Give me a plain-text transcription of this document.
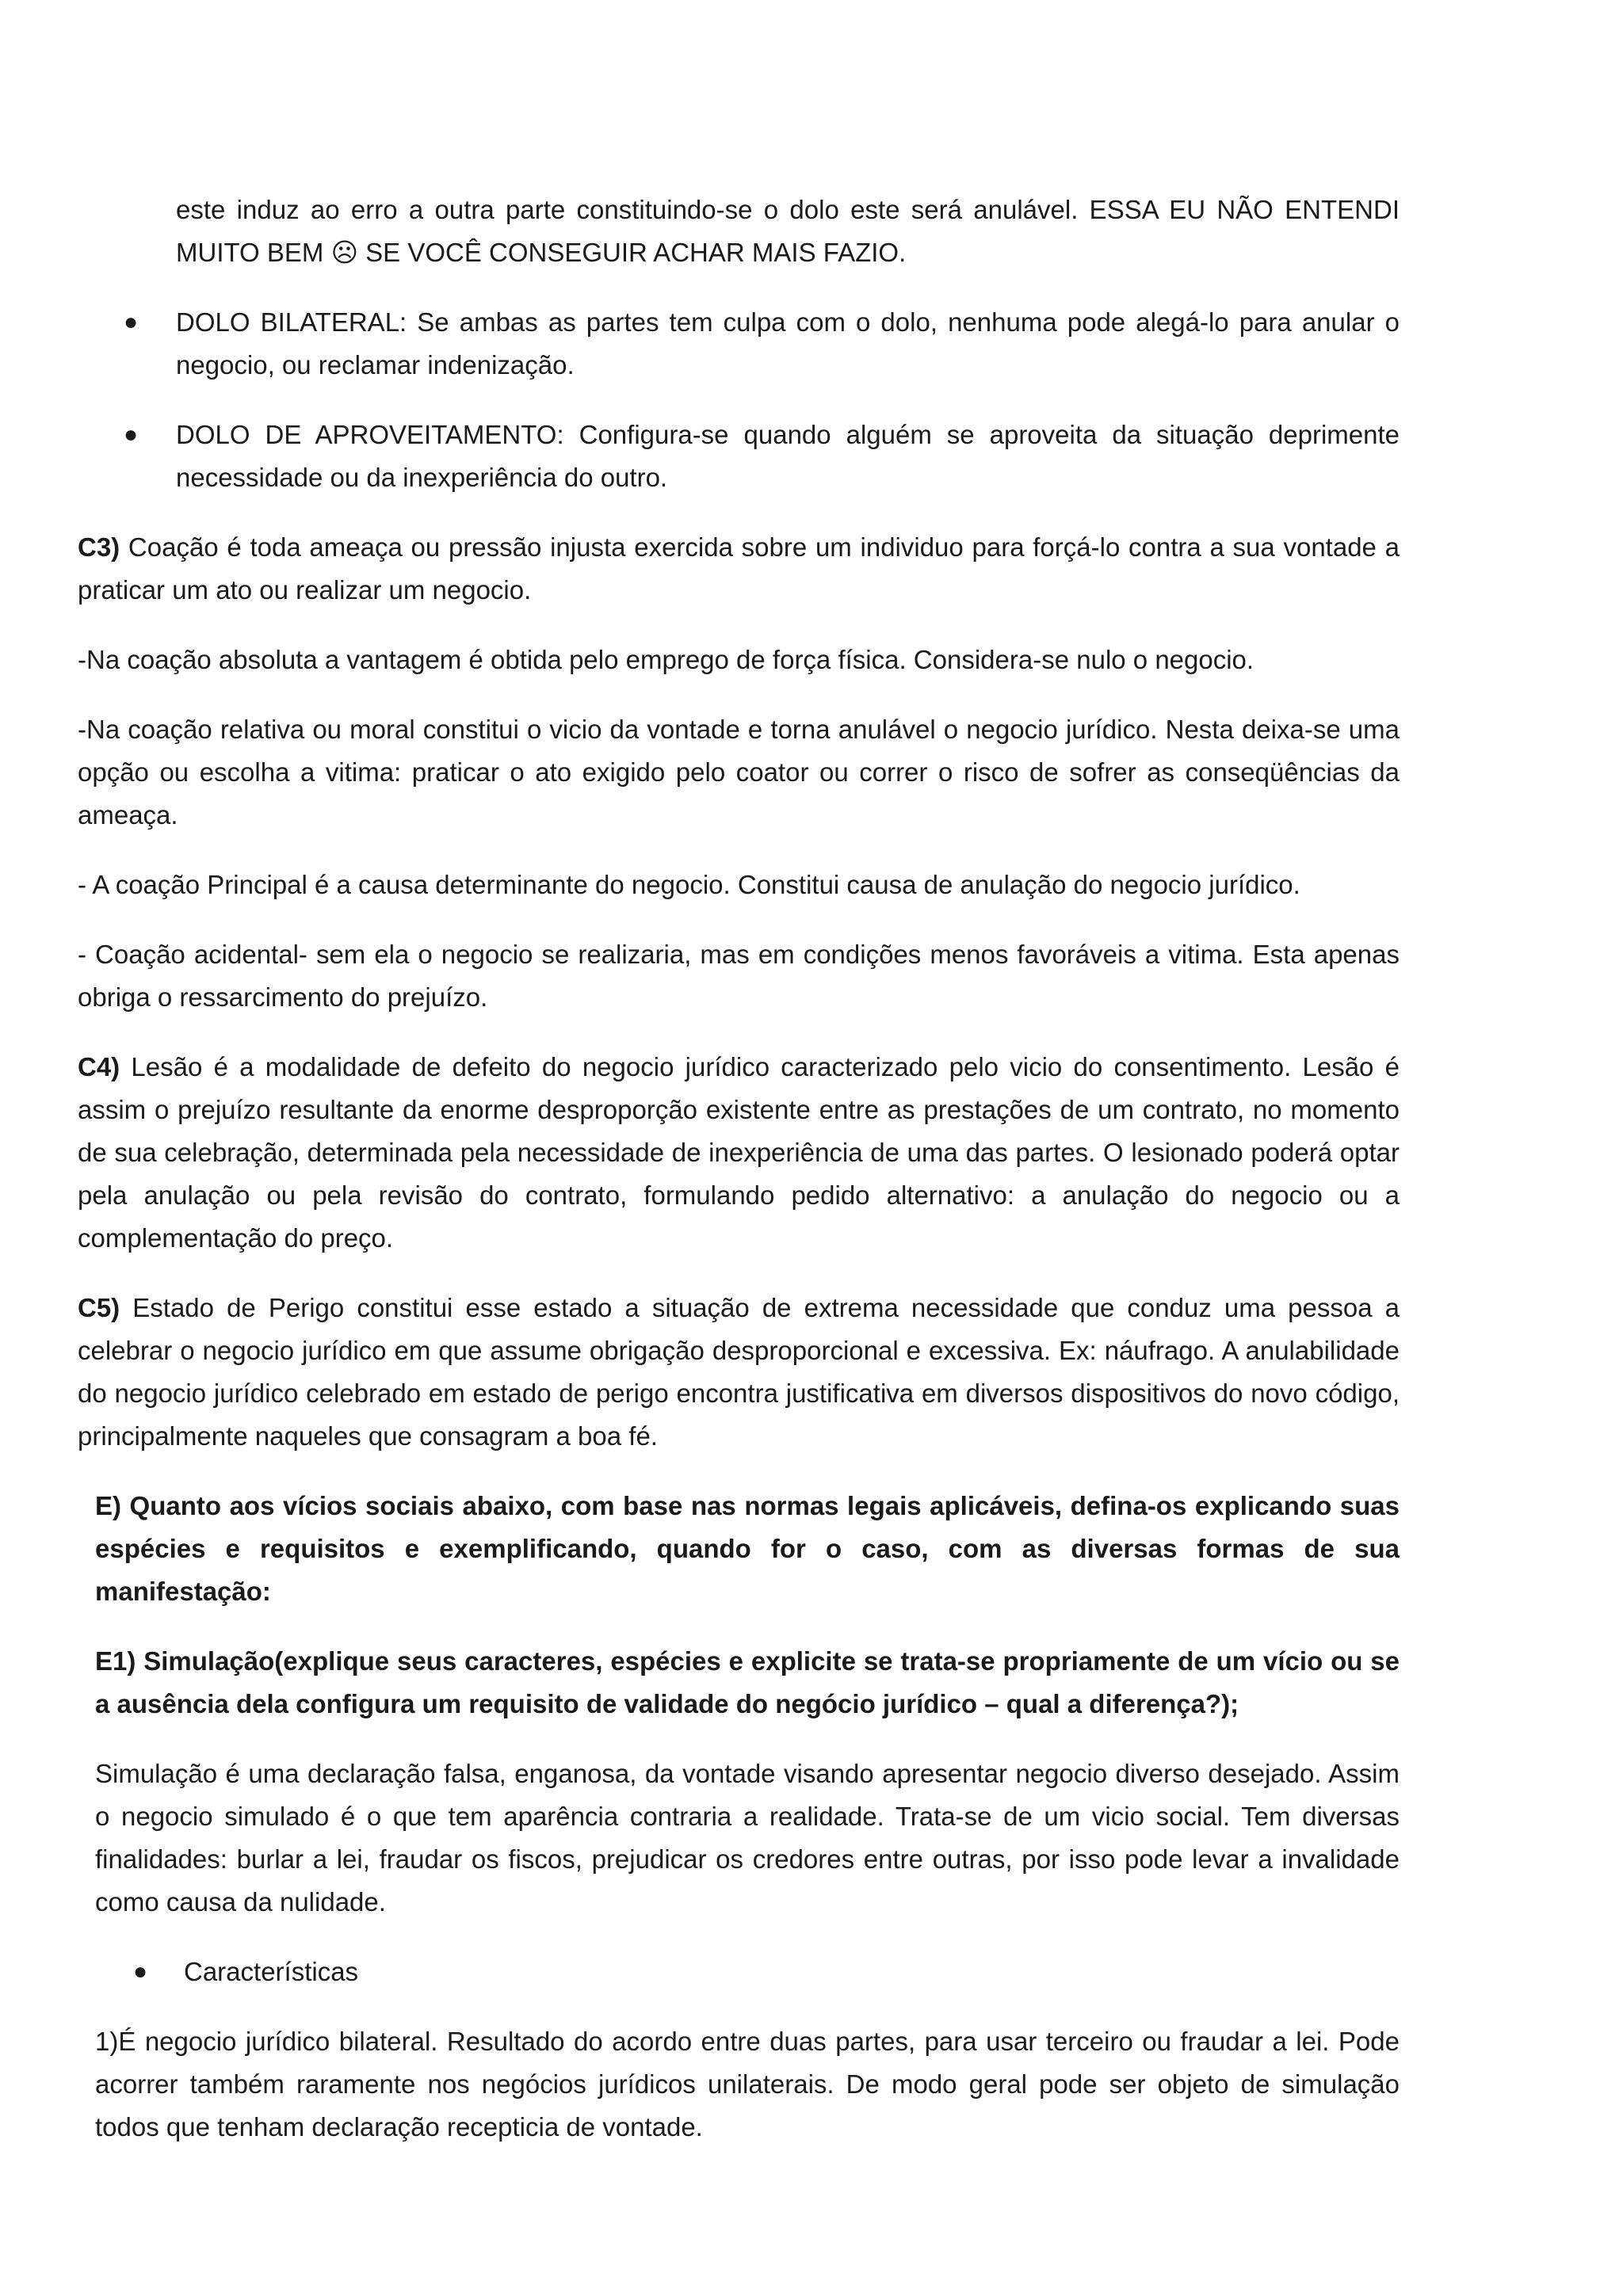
este induz ao erro a outra parte constituindo-se o dolo este será anulável. ESSA EU NÃO ENTENDI MUITO BEM ☹ SE VOCÊ CONSEGUIR ACHAR MAIS FAZIO.

● DOLO BILATERAL: Se ambas as partes tem culpa com o dolo, nenhuma pode alegá-lo para anular o negocio, ou reclamar indenização.
● DOLO DE APROVEITAMENTO: Configura-se quando alguém se aproveita da situação deprimente necessidade ou da inexperiência do outro.

C3) Coação é toda ameaça ou pressão injusta exercida sobre um individuo para forçá-lo contra a sua vontade a praticar um ato ou realizar um negocio.

-Na coação absoluta a vantagem é obtida pelo emprego de força física. Considera-se nulo o negocio.

-Na coação relativa ou moral constitui o vicio da vontade e torna anulável o negocio jurídico. Nesta deixa-se uma opção ou escolha a vitima: praticar o ato exigido pelo coator ou correr o risco de sofrer as conseqüências da ameaça.

- A coação Principal é a causa determinante do negocio. Constitui causa de anulação do negocio jurídico.

- Coação acidental- sem ela o negocio se realizaria, mas em condições menos favoráveis a vitima. Esta apenas obriga o ressarcimento do prejuízo.

C4) Lesão é a modalidade de defeito do negocio jurídico caracterizado pelo vicio do consentimento. Lesão é assim o prejuízo resultante da enorme desproporção existente entre as prestações de um contrato, no momento de sua celebração, determinada pela necessidade de inexperiência de uma das partes. O lesionado poderá optar pela anulação ou pela revisão do contrato, formulando pedido alternativo: a anulação do negocio ou a complementação do preço.

C5) Estado de Perigo constitui esse estado a situação de extrema necessidade que conduz uma pessoa a celebrar o negocio jurídico em que assume obrigação desproporcional e excessiva. Ex: náufrago. A anulabilidade do negocio jurídico celebrado em estado de perigo encontra justificativa em diversos dispositivos do novo código, principalmente naqueles que consagram a boa fé.

E) Quanto aos vícios sociais abaixo, com base nas normas legais aplicáveis, defina-os explicando suas espécies e requisitos e exemplificando, quando for o caso, com as diversas formas de sua manifestação:

E1) Simulação(explique seus caracteres, espécies e explicite se trata-se propriamente de um vício ou se a ausência dela configura um requisito de validade do negócio jurídico – qual a diferença?);

Simulação é uma declaração falsa, enganosa, da vontade visando apresentar negocio diverso desejado. Assim o negocio simulado é o que tem aparência contraria a realidade. Trata-se de um vicio social. Tem diversas finalidades: burlar a lei, fraudar os fiscos, prejudicar os credores entre outras, por isso pode levar a invalidade como causa da nulidade.

● Características

1)É negocio jurídico bilateral. Resultado do acordo entre duas partes, para usar terceiro ou fraudar a lei. Pode acorrer também raramente nos negócios jurídicos unilaterais. De modo geral pode ser objeto de simulação todos que tenham declaração recepticia de vontade.
